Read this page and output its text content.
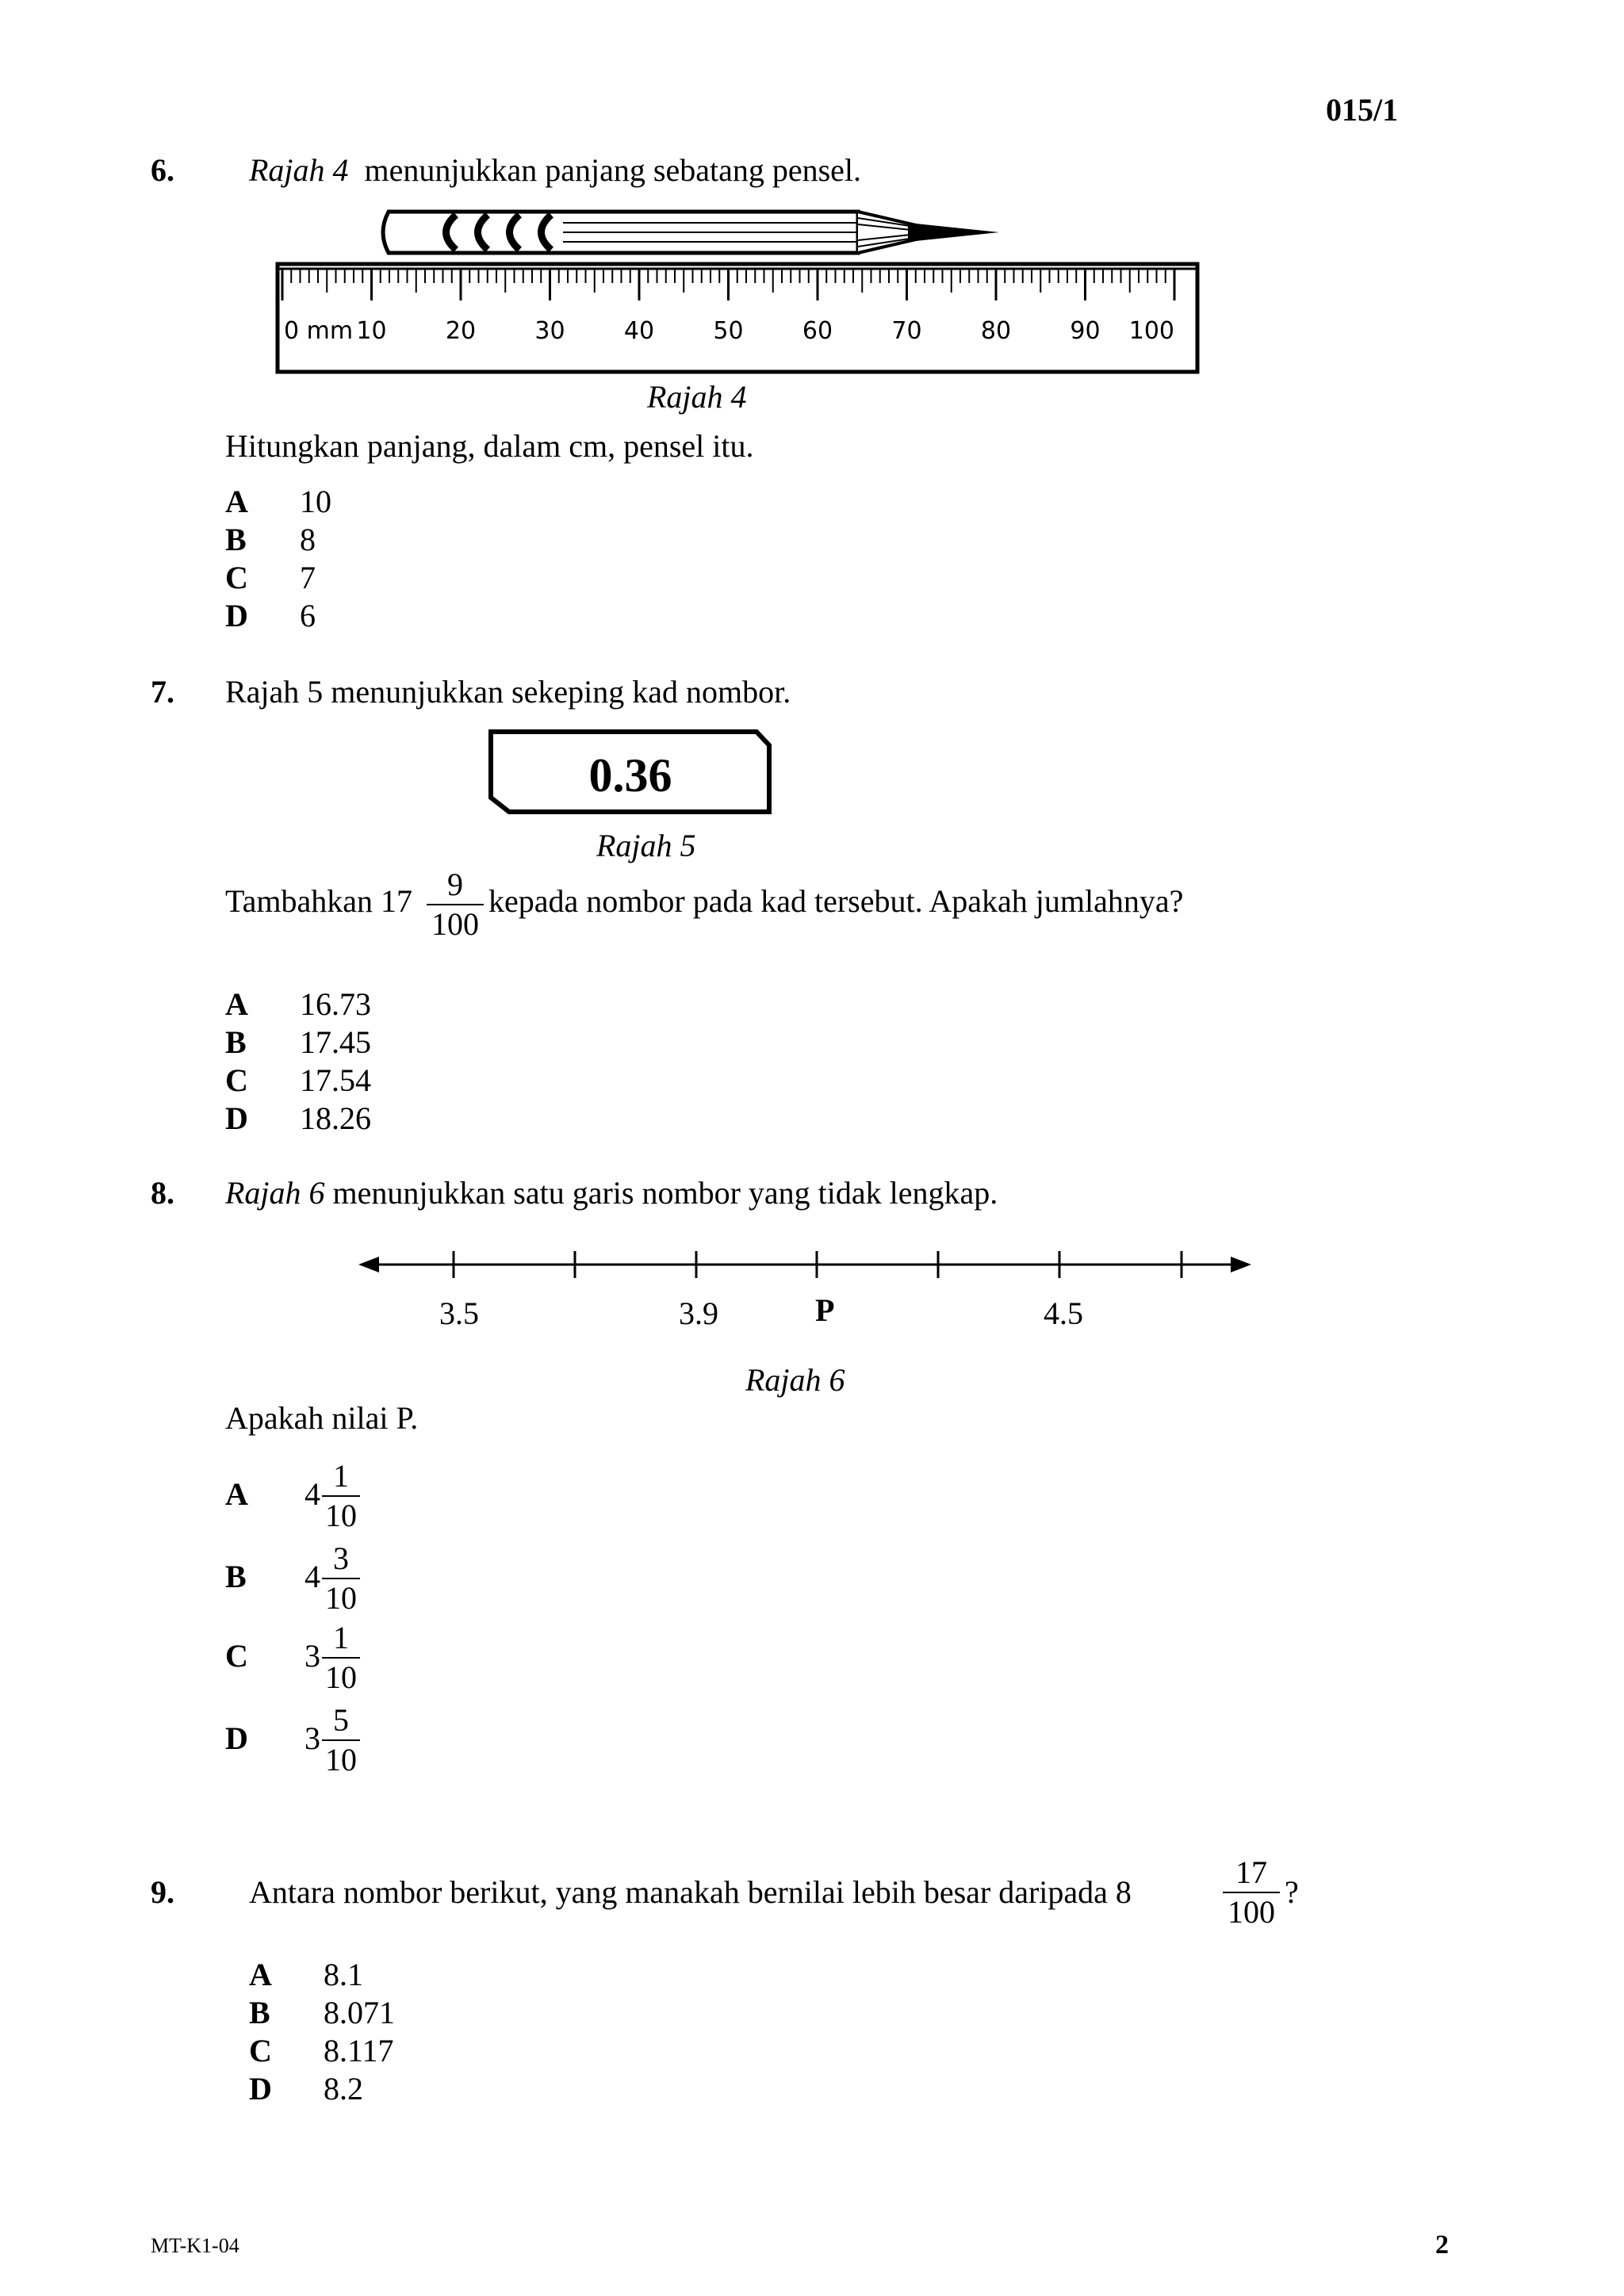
015/1
6. Rajah 4 menunjukkan panjang sebatang pensel.
0 mm 10 20 30 40 50 60 70 80 90 100
Rajah 4
Hitungkan panjang, dalam cm, pensel itu.
A 10
B 8
C 7
D 6
7. Rajah 5 menunjukkan sekeping kad nombor.
0.36
Rajah 5
Tambahkan $17 \frac{9}{100}$ kepada nombor pada kad tersebut. Apakah jumlahnya?
A 16.73
B 17.45
C 17.54
D 18.26
8. Rajah 6 menunjukkan satu garis nombor yang tidak lengkap.
3.5	3.9	P	4.5
Rajah 6
Apakah nilai P.
A $4 \frac{1}{10}$
B $4 \frac{3}{10}$
C $3 \frac{1}{10}$
D $3 \frac{5}{10}$
9. Antara nombor berikut, yang manakah bernilai lebih besar daripada 8	$\frac{17}{100}$ ?
A 8.1
B 8.071
C 8.117
D 8.2
MT-K1-04	2
